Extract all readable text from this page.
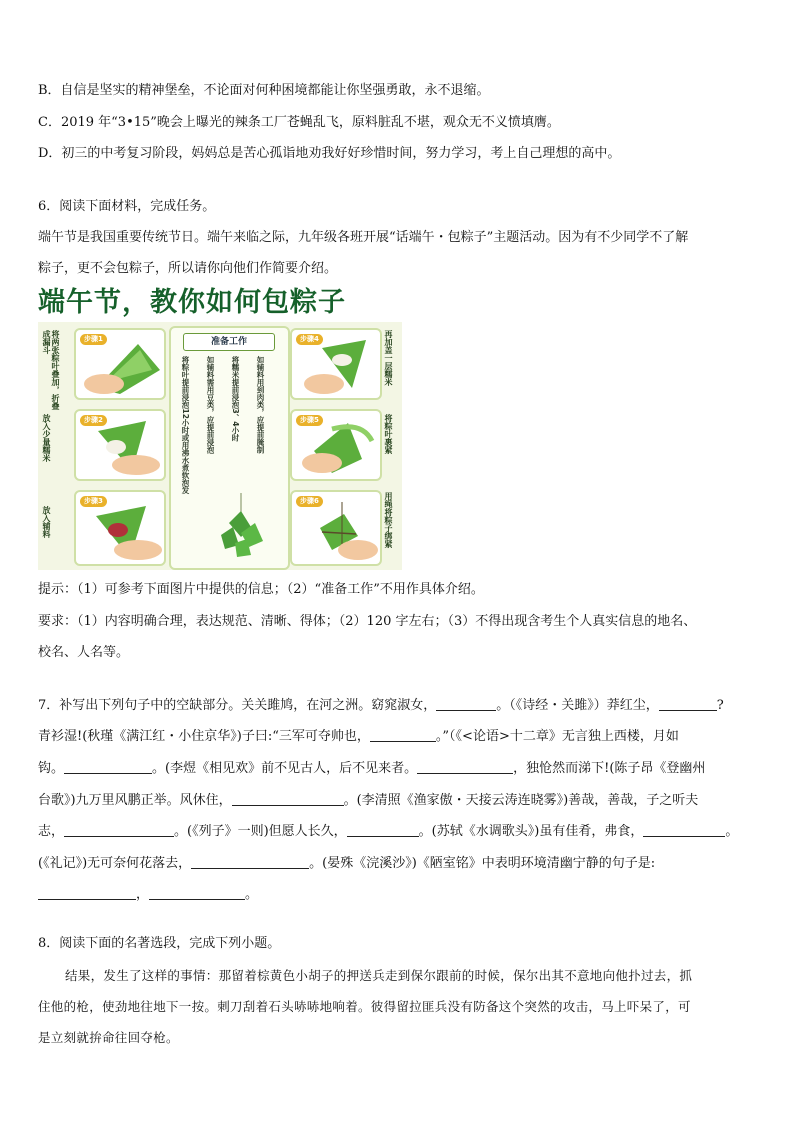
B．自信是坚实的精神堡垒，不论面对何种困境都能让你坚强勇敢，永不退缩。
C．2019 年“3•15”晚会上曝光的辣条工厂苍蝇乱飞，原料脏乱不堪，观众无不义愤填膺。
D．初三的中考复习阶段，妈妈总是苦心孤诣地劝我好好珍惜时间，努力学习，考上自己理想的高中。
6．阅读下面材料，完成任务。
端午节是我国重要传统节日。端午来临之际，九年级各班开展“话端午・包粽子”主题活动。因为有不少同学不了解
粽子，更不会包粽子，所以请你向他们作简要介绍。
端午节，教你如何包粽子
将两张粽叶叠加，折叠成漏斗	步骤1
放入少量糯米	步骤2
放入辅料
步骤3
准备工作
将粽叶提前浸泡12小时或用沸水煮软泡发 如辅料需用豆类，应提前浸泡 将糯米提前浸泡3、4小时 如辅料用到肉类，应提前腌制
步骤4	再加盖一层糯米
步骤5	将粽叶裹紧
步骤6	用绳将粽子绑紧
提示：（1）可参考下面图片中提供的信息；（2）“准备工作”不用作具体介绍。
要求：（1）内容明确合理，表达规范、清晰、得体；（2）120 字左右；（3）不得出现含考生个人真实信息的地名、
校名、人名等。
7．补写出下列句子中的空缺部分。关关雎鸠，在河之洲。窈窕淑女，	。（《诗经・关雎》）莽红尘，	?
青衫湿!(秋瑾《满江红・小住京华》)子曰:“三军可夺帅也，	。”（《<论语>十二章》无言独上西楼，月如
钩。	。(李煜《相见欢》前不见古人，后不见来者。	，独怆然而涕下!(陈子昂《登幽州
台歌》)九万里风鹏正举。风休住，	。(李清照《渔家傲・天接云涛连晓雾》)善哉，善哉，子之听夫
志，	。(《列子》一则)但愿人长久，	。(苏轼《水调歌头》)虽有佳肴，弗食，	。
(《礼记》)无可奈何花落去，	。(晏殊《浣溪沙》)《陋室铭》中表明环境清幽宁静的句子是:
，	。
8．阅读下面的名著选段，完成下列小题。
结果，发生了这样的事情：那留着棕黄色小胡子的押送兵走到保尔跟前的时候，保尔出其不意地向他扑过去，抓
住他的枪，使劲地往地下一按。刺刀刮着石头哧哧地响着。彼得留拉匪兵没有防备这个突然的攻击，马上吓呆了，可
是立刻就拚命往回夺枪。
